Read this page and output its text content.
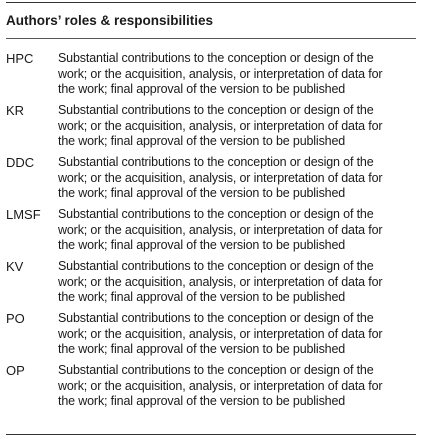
Authors’ roles & responsibilities
HPC	Substantial contributions to the conception or design of the
work; or the acquisition, analysis, or interpretation of data for
the work; final approval of the version to be published
KR	Substantial contributions to the conception or design of the
work; or the acquisition, analysis, or interpretation of data for
the work; final approval of the version to be published
DDC	Substantial contributions to the conception or design of the
work; or the acquisition, analysis, or interpretation of data for
the work; final approval of the version to be published
LMSF	Substantial contributions to the conception or design of the
work; or the acquisition, analysis, or interpretation of data for
the work; final approval of the version to be published
KV	Substantial contributions to the conception or design of the
work; or the acquisition, analysis, or interpretation of data for
the work; final approval of the version to be published
PO	Substantial contributions to the conception or design of the
work; or the acquisition, analysis, or interpretation of data for
the work; final approval of the version to be published
OP	Substantial contributions to the conception or design of the
work; or the acquisition, analysis, or interpretation of data for
the work; final approval of the version to be published
